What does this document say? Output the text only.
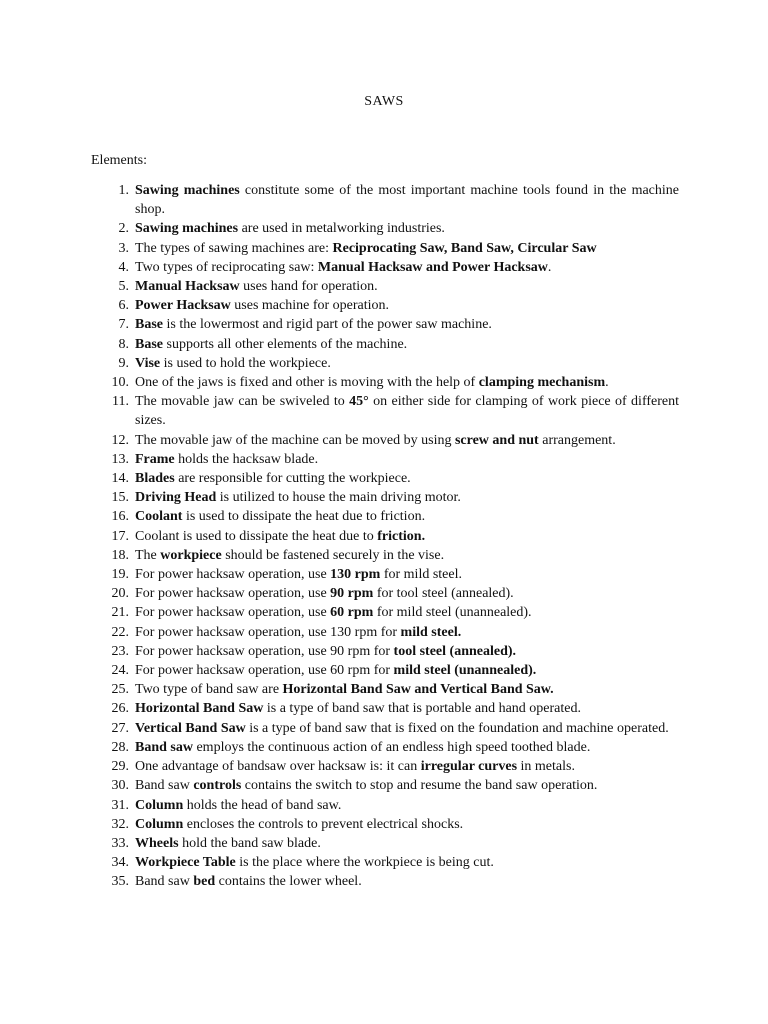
SAWS
Elements:
1. Sawing machines constitute some of the most important machine tools found in the machine shop.
2. Sawing machines are used in metalworking industries.
3. The types of sawing machines are: Reciprocating Saw, Band Saw, Circular Saw
4. Two types of reciprocating saw: Manual Hacksaw and Power Hacksaw.
5. Manual Hacksaw uses hand for operation.
6. Power Hacksaw uses machine for operation.
7. Base is the lowermost and rigid part of the power saw machine.
8. Base supports all other elements of the machine.
9. Vise is used to hold the workpiece.
10. One of the jaws is fixed and other is moving with the help of clamping mechanism.
11. The movable jaw can be swiveled to 45° on either side for clamping of work piece of different sizes.
12. The movable jaw of the machine can be moved by using screw and nut arrangement.
13. Frame holds the hacksaw blade.
14. Blades are responsible for cutting the workpiece.
15. Driving Head is utilized to house the main driving motor.
16. Coolant is used to dissipate the heat due to friction.
17. Coolant is used to dissipate the heat due to friction.
18. The workpiece should be fastened securely in the vise.
19. For power hacksaw operation, use 130 rpm for mild steel.
20. For power hacksaw operation, use 90 rpm for tool steel (annealed).
21. For power hacksaw operation, use 60 rpm for mild steel (unannealed).
22. For power hacksaw operation, use 130 rpm for mild steel.
23. For power hacksaw operation, use 90 rpm for tool steel (annealed).
24. For power hacksaw operation, use 60 rpm for mild steel (unannealed).
25. Two type of band saw are Horizontal Band Saw and Vertical Band Saw.
26. Horizontal Band Saw is a type of band saw that is portable and hand operated.
27. Vertical Band Saw is a type of band saw that is fixed on the foundation and machine operated.
28. Band saw employs the continuous action of an endless high speed toothed blade.
29. One advantage of bandsaw over hacksaw is: it can irregular curves in metals.
30. Band saw controls contains the switch to stop and resume the band saw operation.
31. Column holds the head of band saw.
32. Column encloses the controls to prevent electrical shocks.
33. Wheels hold the band saw blade.
34. Workpiece Table is the place where the workpiece is being cut.
35. Band saw bed contains the lower wheel.
